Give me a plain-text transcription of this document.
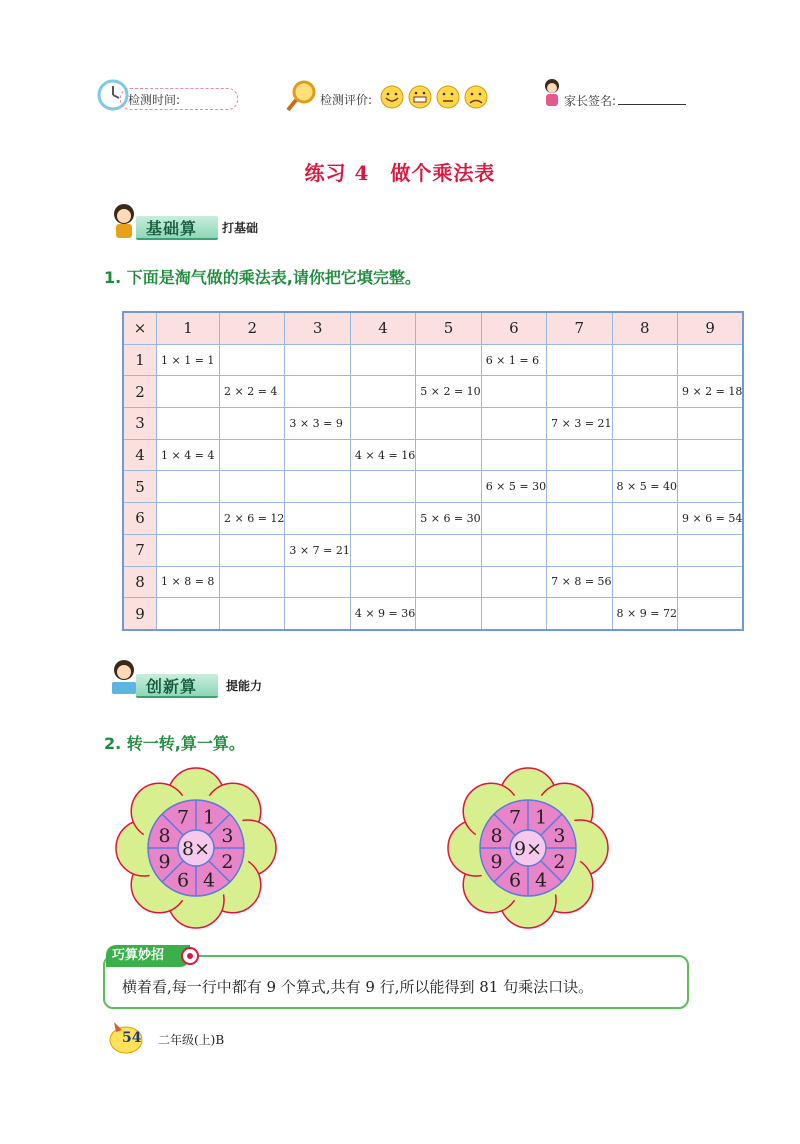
检测时间:	检测评价:	家长签名:
练习 4　做个乘法表
基础算 打基础
1. 下面是淘气做的乘法表,请你把它填完整。
×	1	2	3	4	5	6	7	8	9
1	1 × 1 = 1					6 × 1 = 6			
2		2 × 2 = 4			5 × 2 = 10				9 × 2 = 18
3			3 × 3 = 9				7 × 3 = 21		
4	1 × 4 = 4			4 × 4 = 16					
5						6 × 5 = 30		8 × 5 = 40	
6		2 × 6 = 12			5 × 6 = 30				9 × 6 = 54
7			3 × 7 = 21						
8	1 × 8 = 8						7 × 8 = 56		
9				4 × 9 = 36				8 × 9 = 72	
创新算 提能力
2. 转一转,算一算。
8×
1
3
2
4
6
9
8
7
9×
1
3
2
4
6
9
8
7
巧算妙招
横着看,每一行中都有 9 个算式,共有 9 行,所以能得到 81 句乘法口诀。
54 二年级(上)B
